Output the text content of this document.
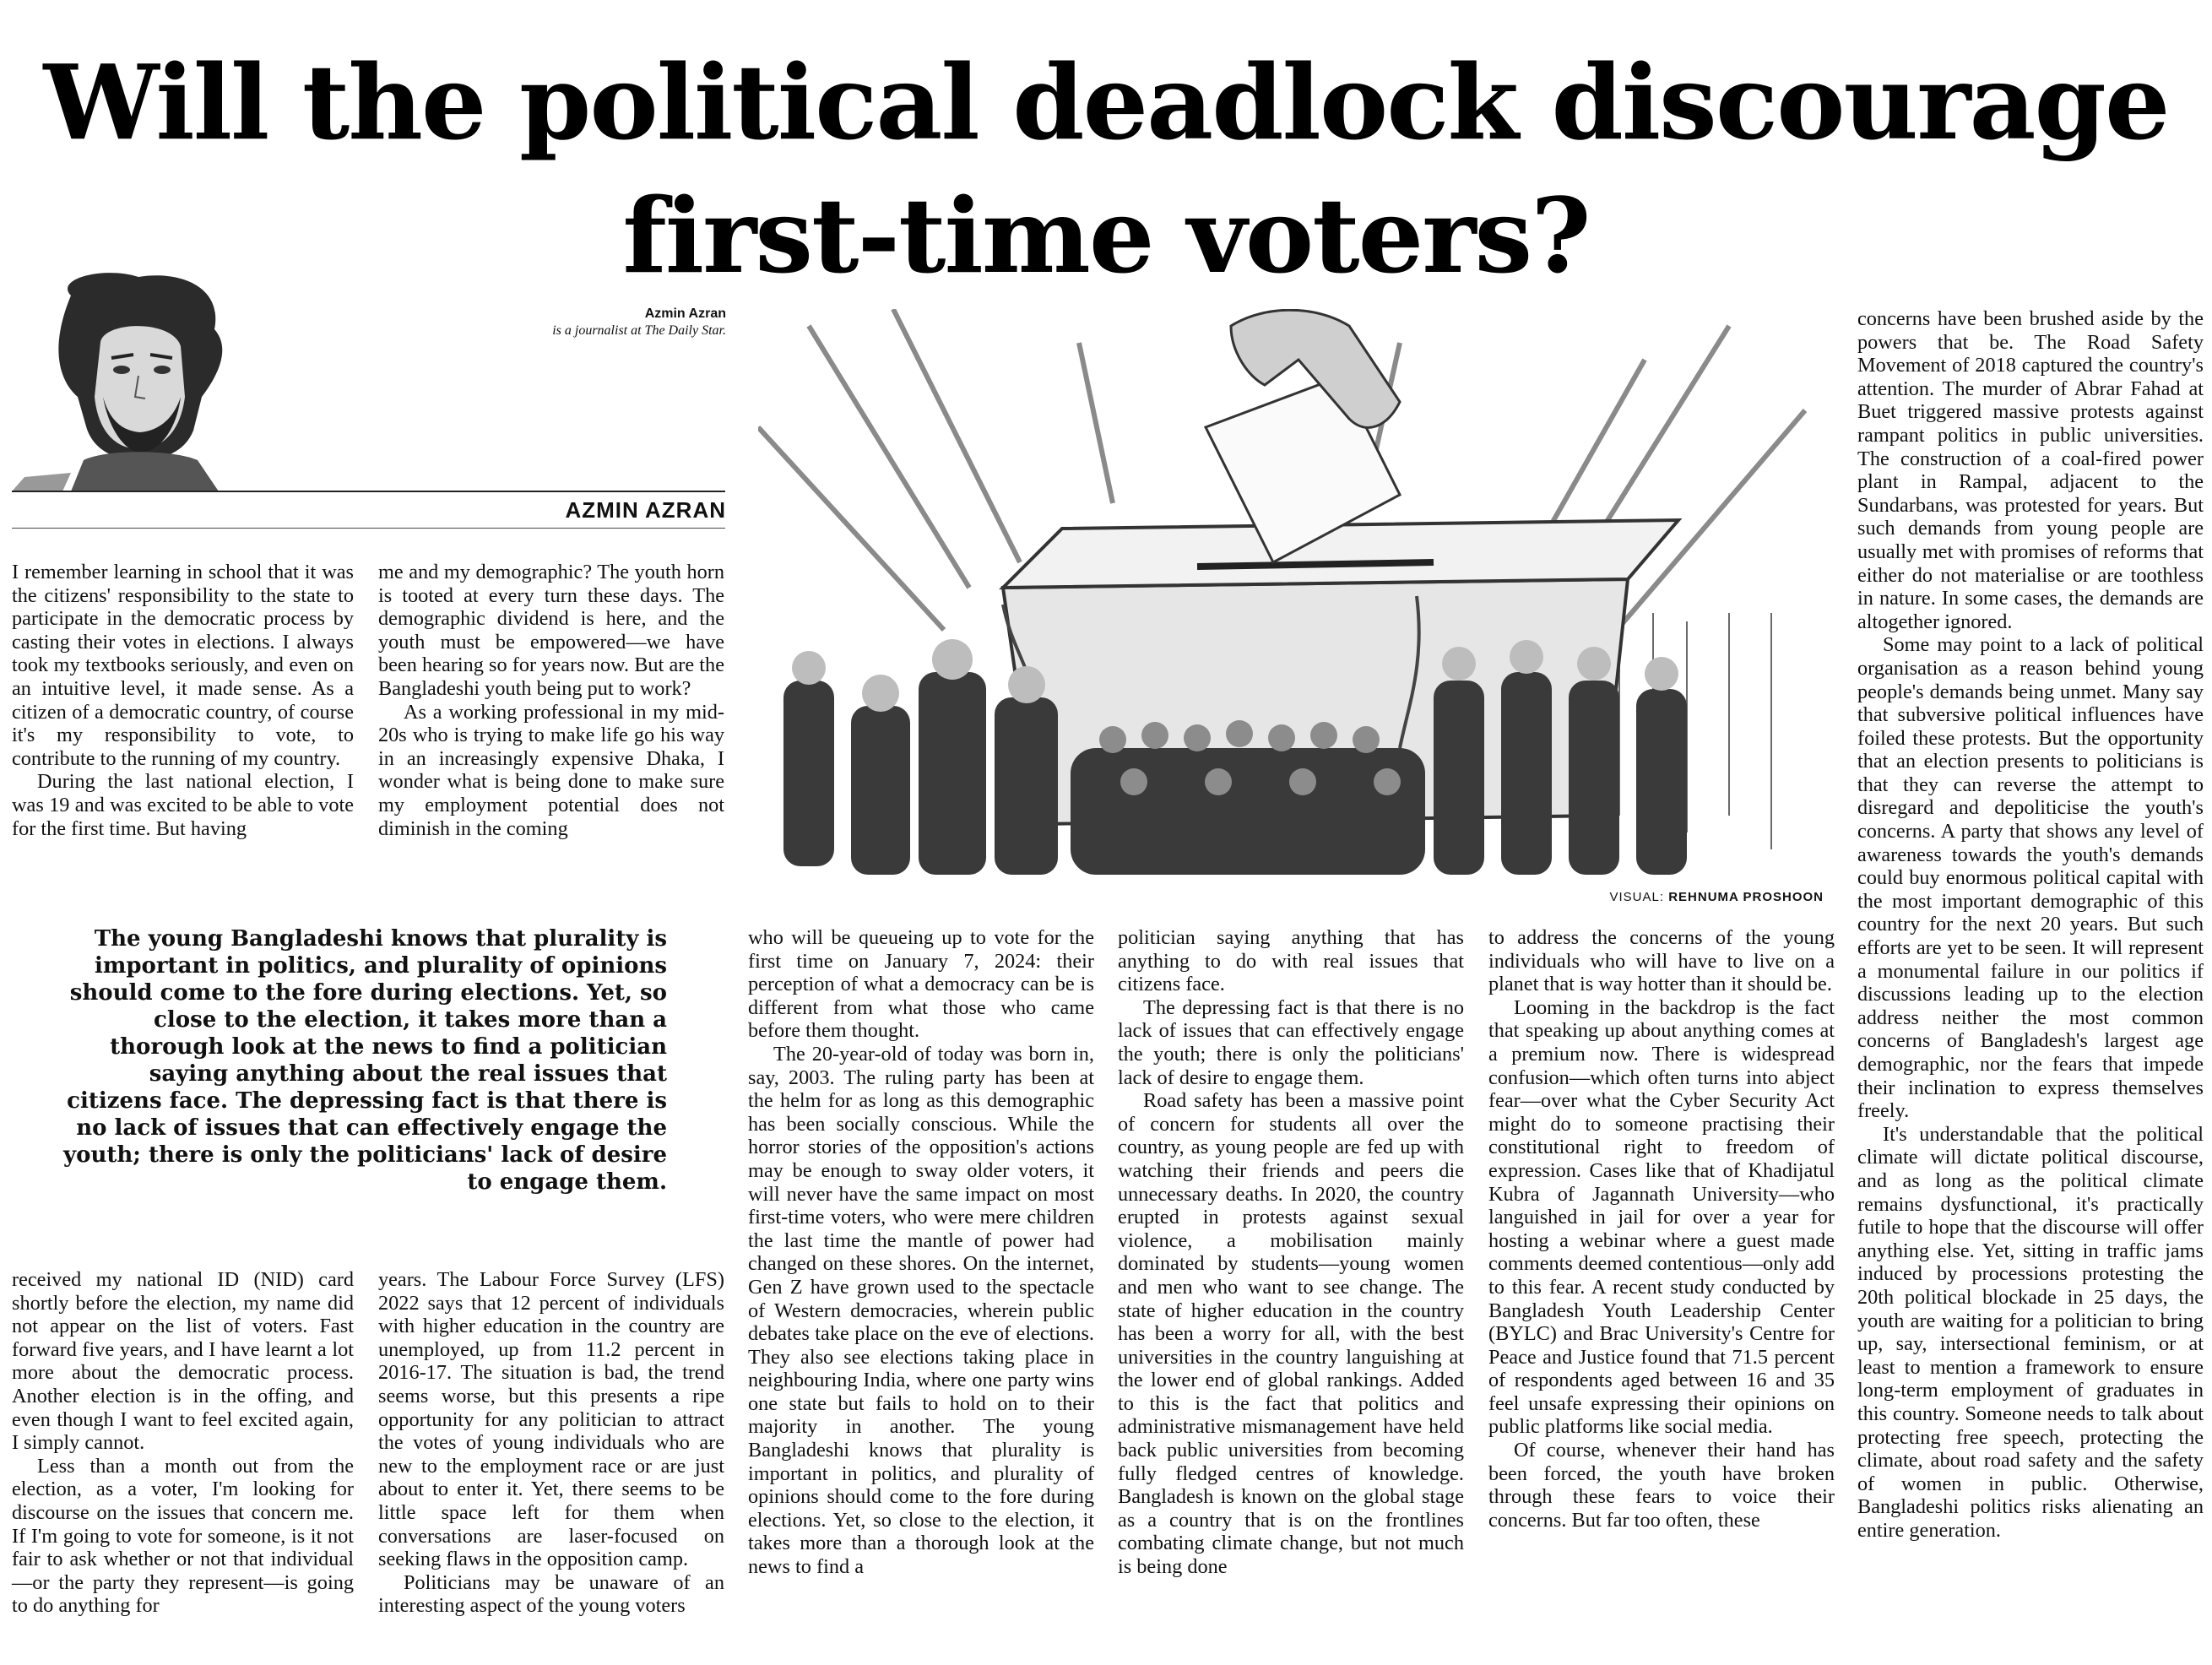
Will the political deadlock discourage
first-time voters?
Azmin Azran
is a journalist at The Daily Star.
AZMIN AZRAN
VISUAL: REHNUMA PROSHOON

I remember learning in school that it was the citizens' responsibility to the state to participate in the democratic process by casting their votes in elections. I always took my textbooks seriously, and even on an intuitive level, it made sense. As a citizen of a democratic country, of course it's my responsibility to vote, to contribute to the running of my country.

During the last national election, I was 19 and was excited to be able to vote for the first time. But having

me and my demographic? The youth horn is tooted at every turn these days. The demographic dividend is here, and the youth must be empowered—we have been hearing so for years now. But are the Bangladeshi youth being put to work?

As a working professional in my mid-20s who is trying to make life go his way in an increasingly expensive Dhaka, I wonder what is being done to make sure my employment potential does not diminish in the coming

The young Bangladeshi knows that plurality is important in politics, and plurality of opinions should come to the fore during elections. Yet, so close to the election, it takes more than a thorough look at the news to find a politician saying anything about the real issues that citizens face. The depressing fact is that there is no lack of issues that can effectively engage the youth; there is only the politicians' lack of desire to engage them.

received my national ID (NID) card shortly before the election, my name did not appear on the list of voters. Fast forward five years, and I have learnt a lot more about the democratic process. Another election is in the offing, and even though I want to feel excited again, I simply cannot.

Less than a month out from the election, as a voter, I'm looking for discourse on the issues that concern me. If I'm going to vote for someone, is it not fair to ask whether or not that individual—or the party they represent—is going to do anything for

years. The Labour Force Survey (LFS) 2022 says that 12 percent of individuals with higher education in the country are unemployed, up from 11.2 percent in 2016-17. The situation is bad, the trend seems worse, but this presents a ripe opportunity for any politician to attract the votes of young individuals who are new to the employment race or are just about to enter it. Yet, there seems to be little space left for them when conversations are laser-focused on seeking flaws in the opposition camp.

Politicians may be unaware of an interesting aspect of the young voters

who will be queueing up to vote for the first time on January 7, 2024: their perception of what a democracy can be is different from what those who came before them thought.

The 20-year-old of today was born in, say, 2003. The ruling party has been at the helm for as long as this demographic has been socially conscious. While the horror stories of the opposition's actions may be enough to sway older voters, it will never have the same impact on most first-time voters, who were mere children the last time the mantle of power had changed on these shores. On the internet, Gen Z have grown used to the spectacle of Western democracies, wherein public debates take place on the eve of elections. They also see elections taking place in neighbouring India, where one party wins one state but fails to hold on to their majority in another. The young Bangladeshi knows that plurality is important in politics, and plurality of opinions should come to the fore during elections. Yet, so close to the election, it takes more than a thorough look at the news to find a

politician saying anything that has anything to do with real issues that citizens face.

The depressing fact is that there is no lack of issues that can effectively engage the youth; there is only the politicians' lack of desire to engage them.

Road safety has been a massive point of concern for students all over the country, as young people are fed up with watching their friends and peers die unnecessary deaths. In 2020, the country erupted in protests against sexual violence, a mobilisation mainly dominated by students—young women and men who want to see change. The state of higher education in the country has been a worry for all, with the best universities in the country languishing at the lower end of global rankings. Added to this is the fact that politics and administrative mismanagement have held back public universities from becoming fully fledged centres of knowledge. Bangladesh is known on the global stage as a country that is on the frontlines combating climate change, but not much is being done

to address the concerns of the young individuals who will have to live on a planet that is way hotter than it should be.

Looming in the backdrop is the fact that speaking up about anything comes at a premium now. There is widespread confusion—which often turns into abject fear—over what the Cyber Security Act might do to someone practising their constitutional right to freedom of expression. Cases like that of Khadijatul Kubra of Jagannath University—who languished in jail for over a year for hosting a webinar where a guest made comments deemed contentious—only add to this fear. A recent study conducted by Bangladesh Youth Leadership Center (BYLC) and Brac University's Centre for Peace and Justice found that 71.5 percent of respondents aged between 16 and 35 feel unsafe expressing their opinions on public platforms like social media.

Of course, whenever their hand has been forced, the youth have broken through these fears to voice their concerns. But far too often, these

concerns have been brushed aside by the powers that be. The Road Safety Movement of 2018 captured the country's attention. The murder of Abrar Fahad at Buet triggered massive protests against rampant politics in public universities. The construction of a coal-fired power plant in Rampal, adjacent to the Sundarbans, was protested for years. But such demands from young people are usually met with promises of reforms that either do not materialise or are toothless in nature. In some cases, the demands are altogether ignored.

Some may point to a lack of political organisation as a reason behind young people's demands being unmet. Many say that subversive political influences have foiled these protests. But the opportunity that an election presents to politicians is that they can reverse the attempt to disregard and depoliticise the youth's concerns. A party that shows any level of awareness towards the youth's demands could buy enormous political capital with the most important demographic of this country for the next 20 years. But such efforts are yet to be seen. It will represent a monumental failure in our politics if discussions leading up to the election address neither the most common concerns of Bangladesh's largest age demographic, nor the fears that impede their inclination to express themselves freely.

It's understandable that the political climate will dictate political discourse, and as long as the political climate remains dysfunctional, it's practically futile to hope that the discourse will offer anything else. Yet, sitting in traffic jams induced by processions protesting the 20th political blockade in 25 days, the youth are waiting for a politician to bring up, say, intersectional feminism, or at least to mention a framework to ensure long-term employment of graduates in this country. Someone needs to talk about protecting free speech, protecting the climate, about road safety and the safety of women in public. Otherwise, Bangladeshi politics risks alienating an entire generation.
